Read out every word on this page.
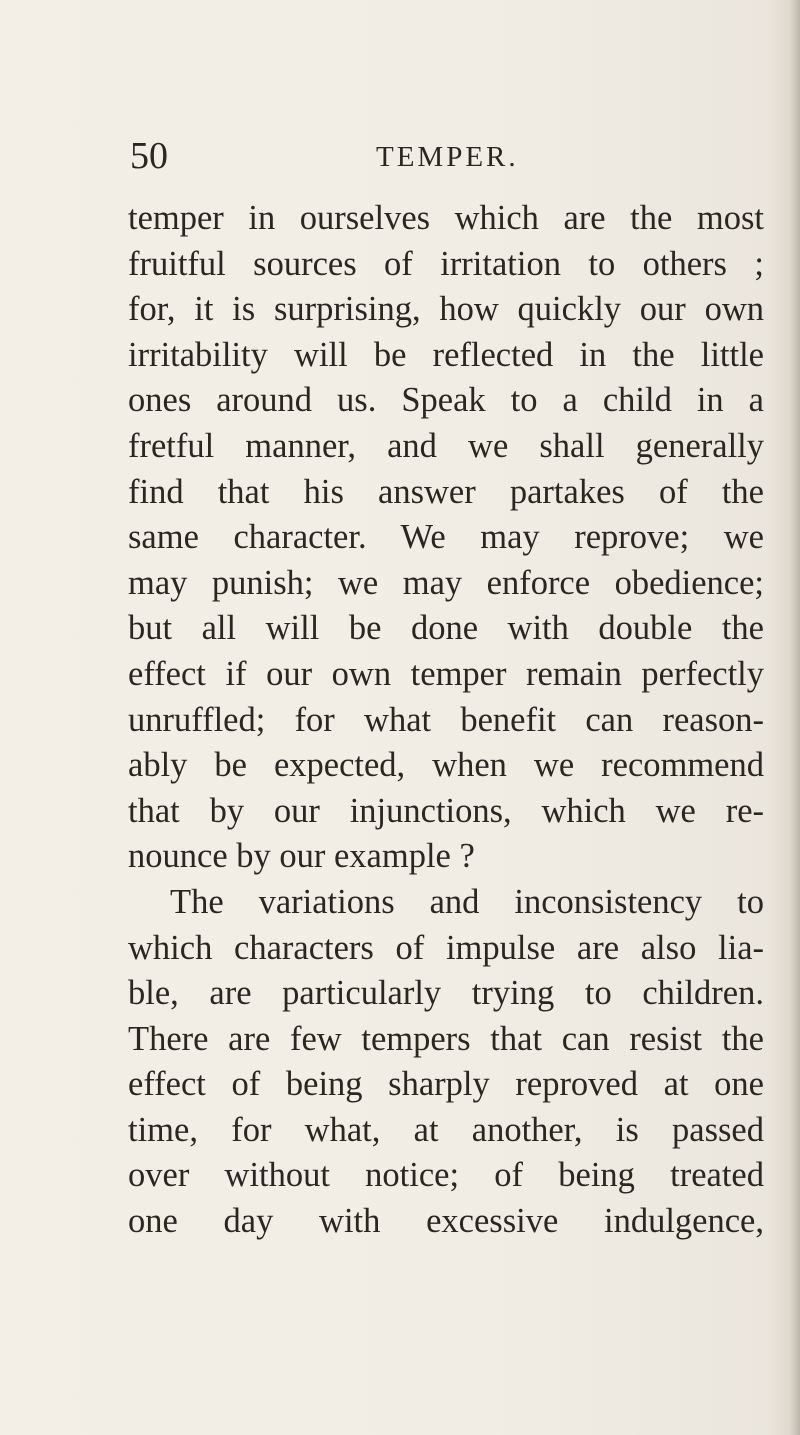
50	TEMPER.
temper in ourselves which are the most
fruitful sources of irritation to others ;
for, it is surprising, how quickly our own
irritability will be reflected in the little
ones around us. Speak to a child in a
fretful manner, and we shall generally
find that his answer partakes of the
same character. We may reprove; we
may punish; we may enforce obedience;
but all will be done with double the
effect if our own temper remain perfectly
unruffled; for what benefit can reason-
ably be expected, when we recommend
that by our injunctions, which we re-
nounce by our example ?
The variations and inconsistency to
which characters of impulse are also lia-
ble, are particularly trying to children.
There are few tempers that can resist the
effect of being sharply reproved at one
time, for what, at another, is passed
over without notice; of being treated
one day with excessive indulgence,
